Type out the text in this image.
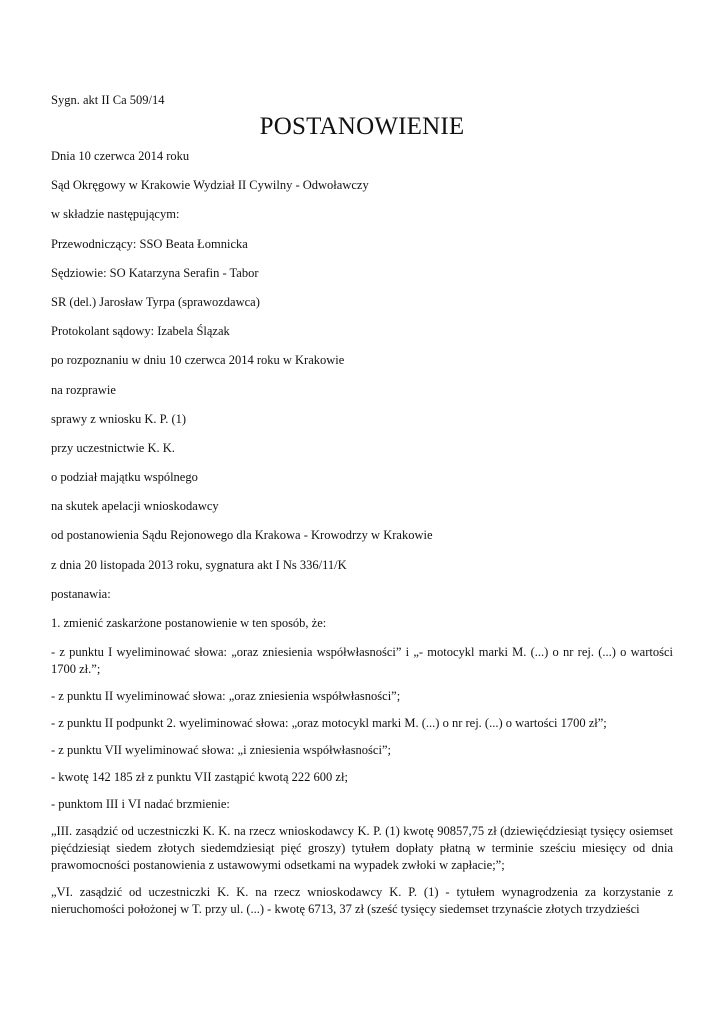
Sygn. akt II Ca 509/14
POSTANOWIENIE
Dnia 10 czerwca 2014 roku
Sąd Okręgowy w Krakowie Wydział II Cywilny - Odwoławczy
w składzie następującym:
Przewodniczący: SSO Beata Łomnicka
Sędziowie: SO Katarzyna Serafin - Tabor
SR (del.) Jarosław Tyrpa (sprawozdawca)
Protokolant sądowy: Izabela Ślązak
po rozpoznaniu w dniu 10 czerwca 2014 roku w Krakowie
na rozprawie
sprawy z wniosku K. P. (1)
przy uczestnictwie K. K.
o podział majątku wspólnego
na skutek apelacji wnioskodawcy
od postanowienia Sądu Rejonowego dla Krakowa - Krowodrzy w Krakowie
z dnia 20 listopada 2013 roku, sygnatura akt I Ns 336/11/K
postanawia:
1. zmienić zaskarżone postanowienie w ten sposób, że:

- z punktu I wyeliminować słowa: „oraz zniesienia współwłasności” i „- motocykl marki M. (...) o nr rej. (...) o wartości 1700 zł.”;

- z punktu II wyeliminować słowa: „oraz zniesienia współwłasności”;

- z punktu II podpunkt 2. wyeliminować słowa: „oraz motocykl marki M. (...) o nr rej. (...) o wartości 1700 zł”;

- z punktu VII wyeliminować słowa: „i zniesienia współwłasności”;

- kwotę 142 185 zł z punktu VII zastąpić kwotą 222 600 zł;

- punktom III i VI nadać brzmienie:

„III. zasądzić od uczestniczki K. K. na rzecz wnioskodawcy K. P. (1) kwotę 90857,75 zł (dziewięćdziesiąt tysięcy osiemset pięćdziesiąt siedem złotych siedemdziesiąt pięć groszy) tytułem dopłaty płatną w terminie sześciu miesięcy od dnia prawomocności postanowienia z ustawowymi odsetkami na wypadek zwłoki w zapłacie;”;

„VI. zasądzić od uczestniczki K. K. na rzecz wnioskodawcy K. P. (1) - tytułem wynagrodzenia za korzystanie z nieruchomości położonej w T. przy ul. (...) - kwotę 6713, 37 zł (sześć tysięcy siedemset trzynaście złotych trzydzieści
